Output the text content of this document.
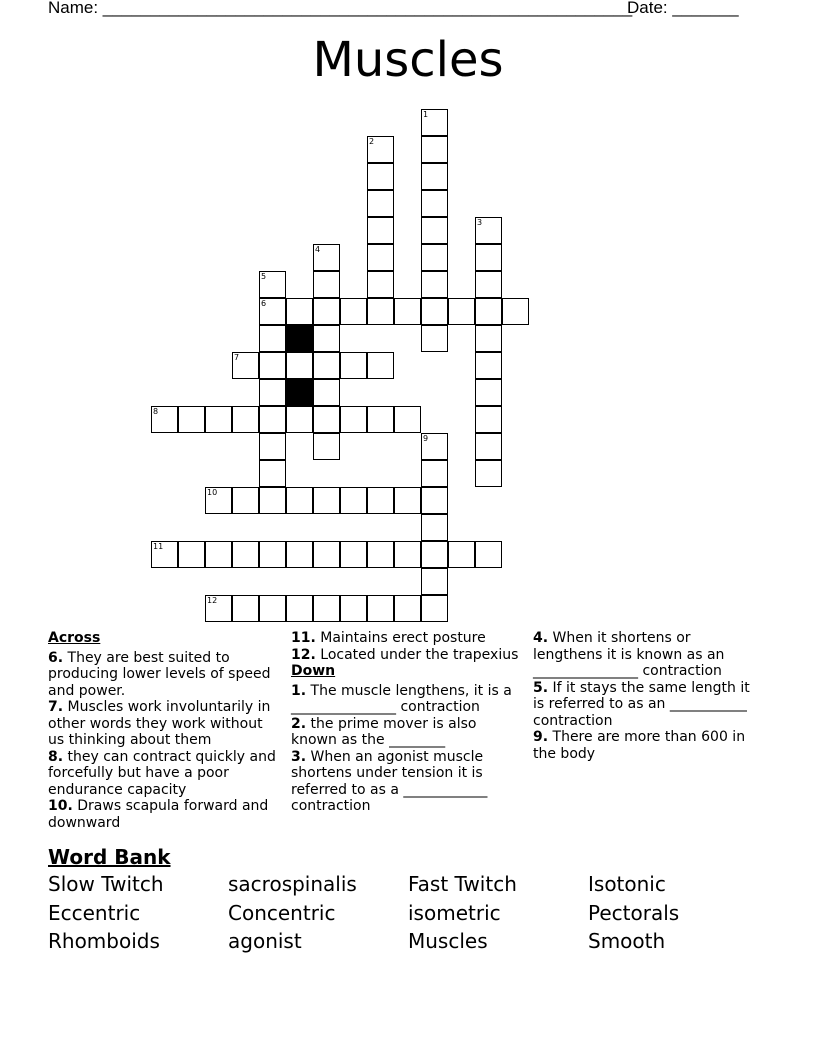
Name: ________________________________________________________
Date: _______
Muscles
1
2
3
4
5
6
7
8
9
10
11
12
Across
6. They are best suited to producing lower levels of speed and power.
7. Muscles work involuntarily in other words they work without us thinking about them
8. they can contract quickly and forcefully but have a poor endurance capacity
10. Draws scapula forward and downward
11. Maintains erect posture
12. Located under the trapexius
Down
1. The muscle lengthens, it is a _______________ contraction
2. the prime mover is also known as the ________
3. When an agonist muscle shortens under tension it is referred to as a ____________ contraction
4. When it shortens or lengthens it is known as an _______________ contraction
5. If it stays the same length it is referred to as an ___________ contraction
9. There are more than 600 in the body
Word Bank
Slow Twitch	sacrospinalis	Fast Twitch	Isotonic
Eccentric	Concentric	isometric	Pectorals
Rhomboids	agonist	Muscles	Smooth
